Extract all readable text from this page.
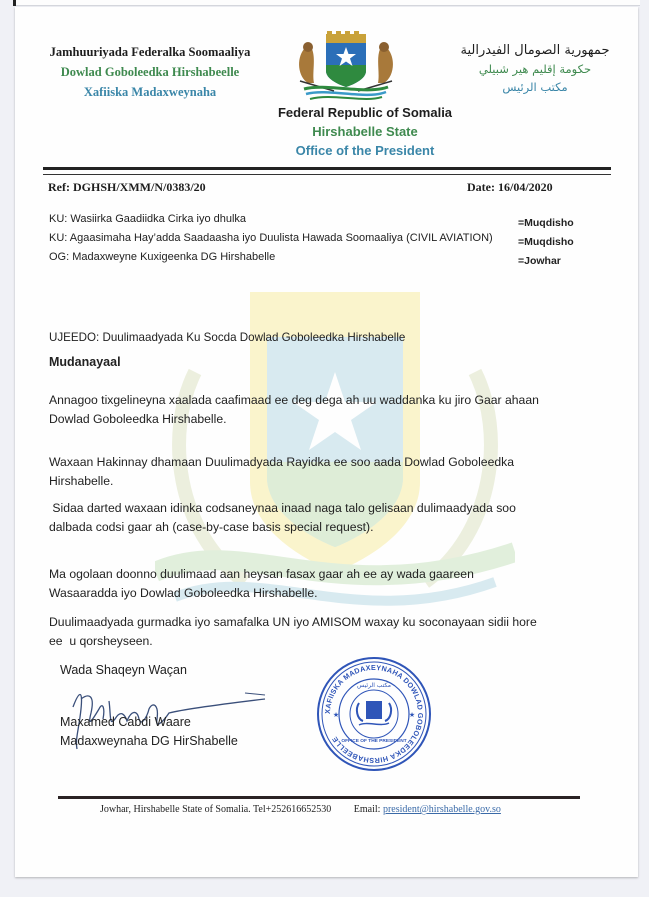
Jamhuuriyada Federalka Soomaaliya
Dowlad Goboleedka Hirshabeelle
Xafiiska Madaxweynaha
جمهورية الصومال الفيدرالية
حكومة إقليم هير شبيلي
مكتب الرئيس
Federal Republic of Somalia
Hirshabelle State
Office of the President
Ref: DGHSH/XMM/N/0383/20	Date: 16/04/2020
KU: Wasiirka Gaadiidka Cirka iyo dhulka	=Muqdisho
KU: Agaasimaha Hay’adda Saadaasha iyo Duulista Hawada Soomaaliya (CIVIL AVIATION) =Muqdisho
OG: Madaxweyne Kuxigeenka DG Hirshabelle	=Jowhar
UJEEDO: Duulimaadyada Ku Socda Dowlad Goboleedka Hirshabelle
Mudanayaal
Annagoo tixgelineyna xaalada caafimaad ee deg dega ah uu waddanka ku jiro Gaar ahaan Dowlad Goboleedka Hirshabelle.
Waxaan Hakinnay dhamaan Duulimadyada Rayidka ee soo aada Dowlad Goboleedka Hirshabelle.
Sidaa darted waxaan idinka codsaneynaa inaad naga talo gelisaan dulimaadyada soo dalbada codsi gaar ah (case-by-case basis special request).
Ma ogolaan doonno duulimaad aan heysan fasax gaar ah ee ay wada gaareen Wasaaradda iyo Dowlad Goboleedka Hirshabelle.
Duulimaadyada gurmadka iyo samafalka UN iyo AMISOM waxay ku soconayaan sidii hore ee  u qorsheyseen.
Wada Shaqeyn Waçan
Maxamed Cabdi Waare
Madaxweynaha DG HirShabelle
XAFIISKA MADAXEYNAHA DOWLAD GOBOLEEDKA HIRSHABEELLE
مكتب الرئيس
OFFICE OF THE PRESIDENT
★	★
Jowhar, Hirshabelle State of Somalia. Tel+252616652530 Email: president@hirshabelle.gov.so
